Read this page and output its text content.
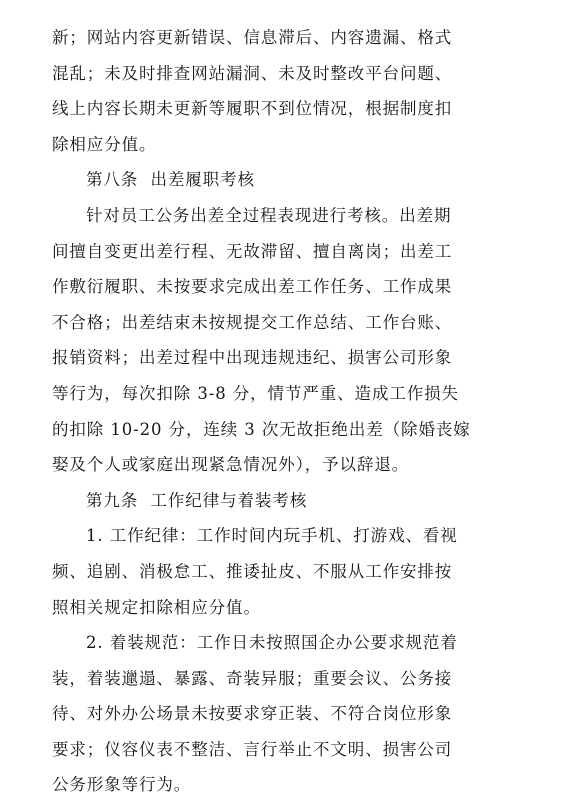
新；网站内容更新错误、信息滞后、内容遗漏、格式
混乱；未及时排查网站漏洞、未及时整改平台问题、
线上内容长期未更新等履职不到位情况，根据制度扣
除相应分值。
第八条  出差履职考核
针对员工公务出差全过程表现进行考核。出差期
间擅自变更出差行程、无故滞留、擅自离岗；出差工
作敷衍履职、未按要求完成出差工作任务、工作成果
不合格；出差结束未按规提交工作总结、工作台账、
报销资料；出差过程中出现违规违纪、损害公司形象
等行为，每次扣除 3-8 分，情节严重、造成工作损失
的扣除 10-20 分，连续 3 次无故拒绝出差（除婚丧嫁
娶及个人或家庭出现紧急情况外），予以辞退。
第九条  工作纪律与着装考核
1. 工作纪律：工作时间内玩手机、打游戏、看视
频、追剧、消极怠工、推诿扯皮、不服从工作安排按
照相关规定扣除相应分值。
2. 着装规范：工作日未按照国企办公要求规范着
装，着装邋遢、暴露、奇装异服；重要会议、公务接
待、对外办公场景未按要求穿正装、不符合岗位形象
要求；仪容仪表不整洁、言行举止不文明、损害公司
公务形象等行为。
